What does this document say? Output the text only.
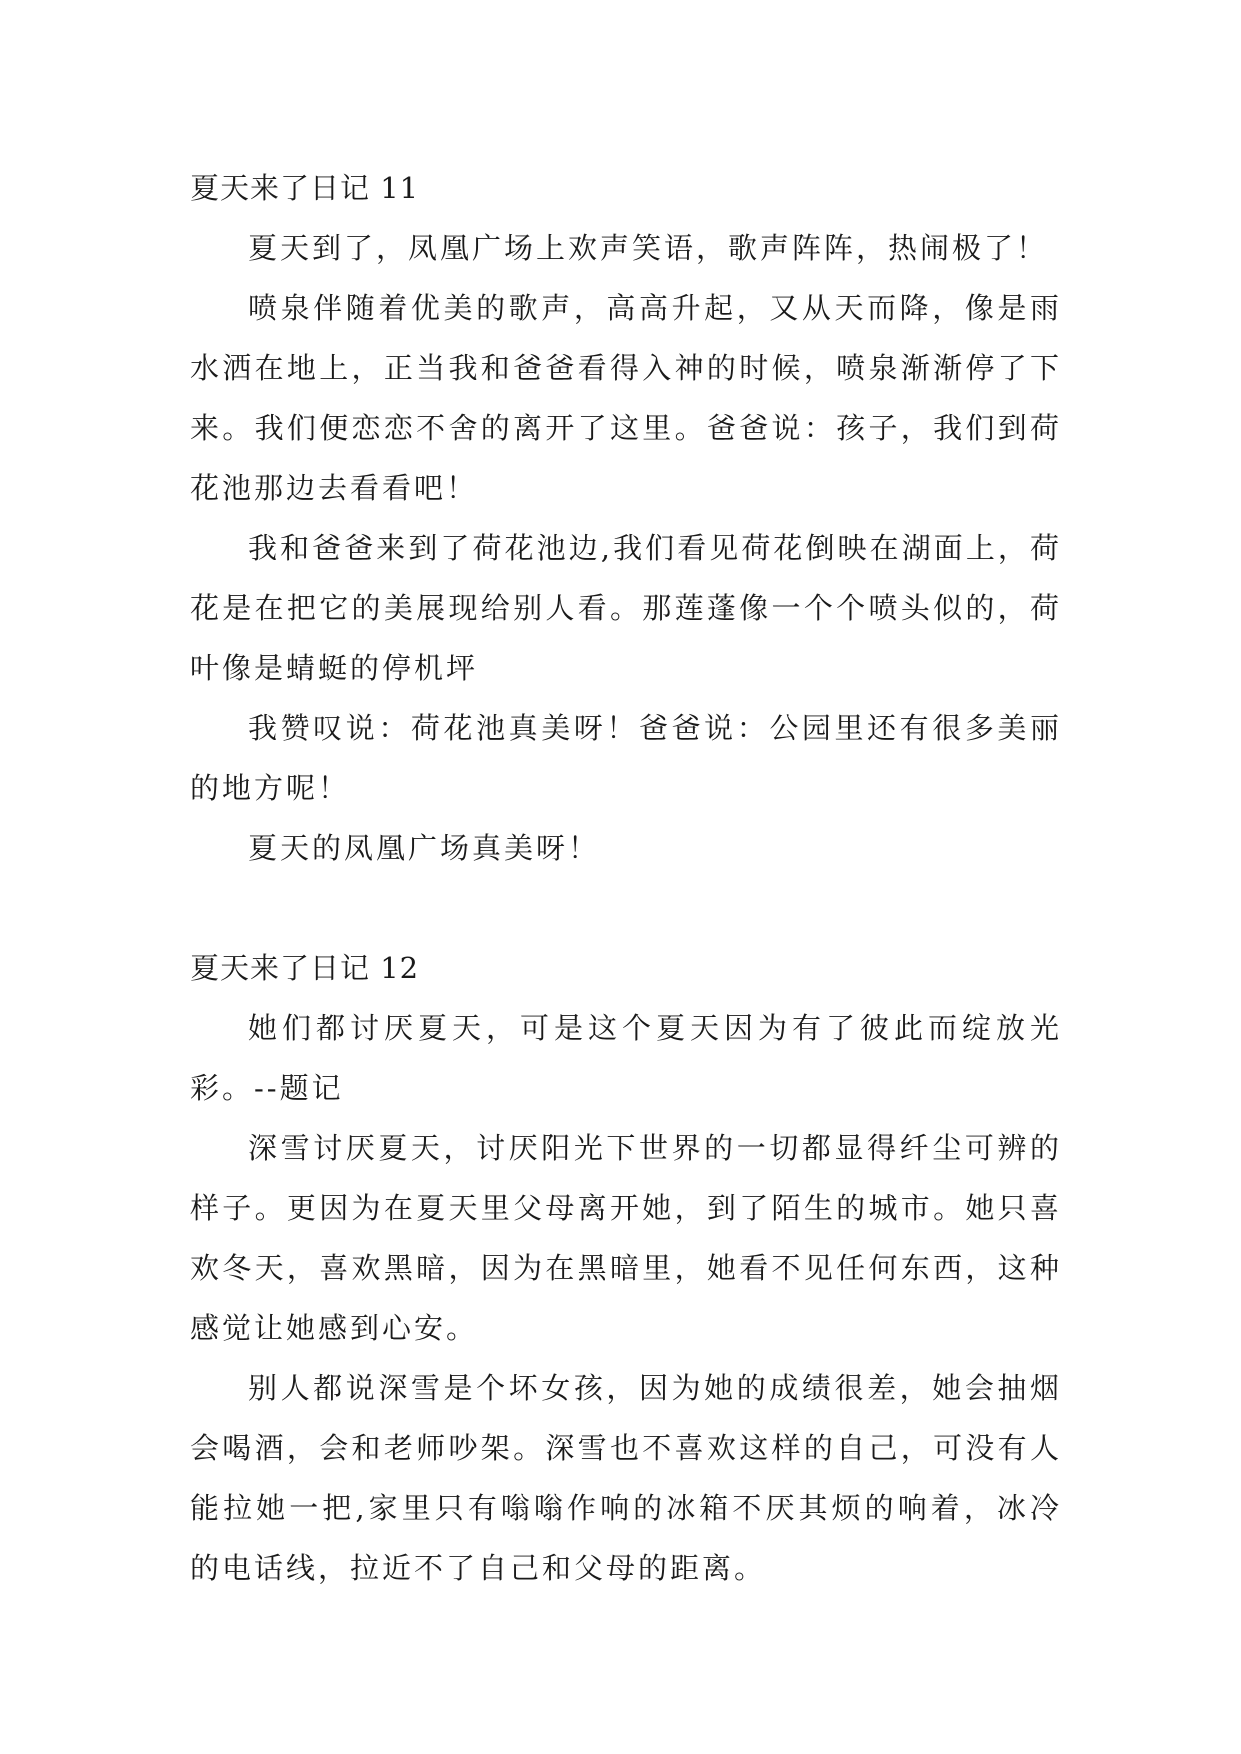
夏天来了日记 11

夏天到了，凤凰广场上欢声笑语，歌声阵阵，热闹极了！

喷泉伴随着优美的歌声，高高升起，又从天而降，像是雨水洒在地上，正当我和爸爸看得入神的时候，喷泉渐渐停了下来。我们便恋恋不舍的离开了这里。爸爸说：孩子，我们到荷花池那边去看看吧！

我和爸爸来到了荷花池边,我们看见荷花倒映在湖面上，荷花是在把它的美展现给别人看。那莲蓬像一个个喷头似的，荷叶像是蜻蜓的停机坪

我赞叹说：荷花池真美呀！爸爸说：公园里还有很多美丽的地方呢！

夏天的凤凰广场真美呀！

夏天来了日记 12

她们都讨厌夏天，可是这个夏天因为有了彼此而绽放光彩。--题记

深雪讨厌夏天，讨厌阳光下世界的一切都显得纤尘可辨的样子。更因为在夏天里父母离开她，到了陌生的城市。她只喜欢冬天，喜欢黑暗，因为在黑暗里，她看不见任何东西，这种感觉让她感到心安。

别人都说深雪是个坏女孩，因为她的成绩很差，她会抽烟会喝酒，会和老师吵架。深雪也不喜欢这样的自己，可没有人能拉她一把,家里只有嗡嗡作响的冰箱不厌其烦的响着，冰冷的电话线，拉近不了自己和父母的距离。
